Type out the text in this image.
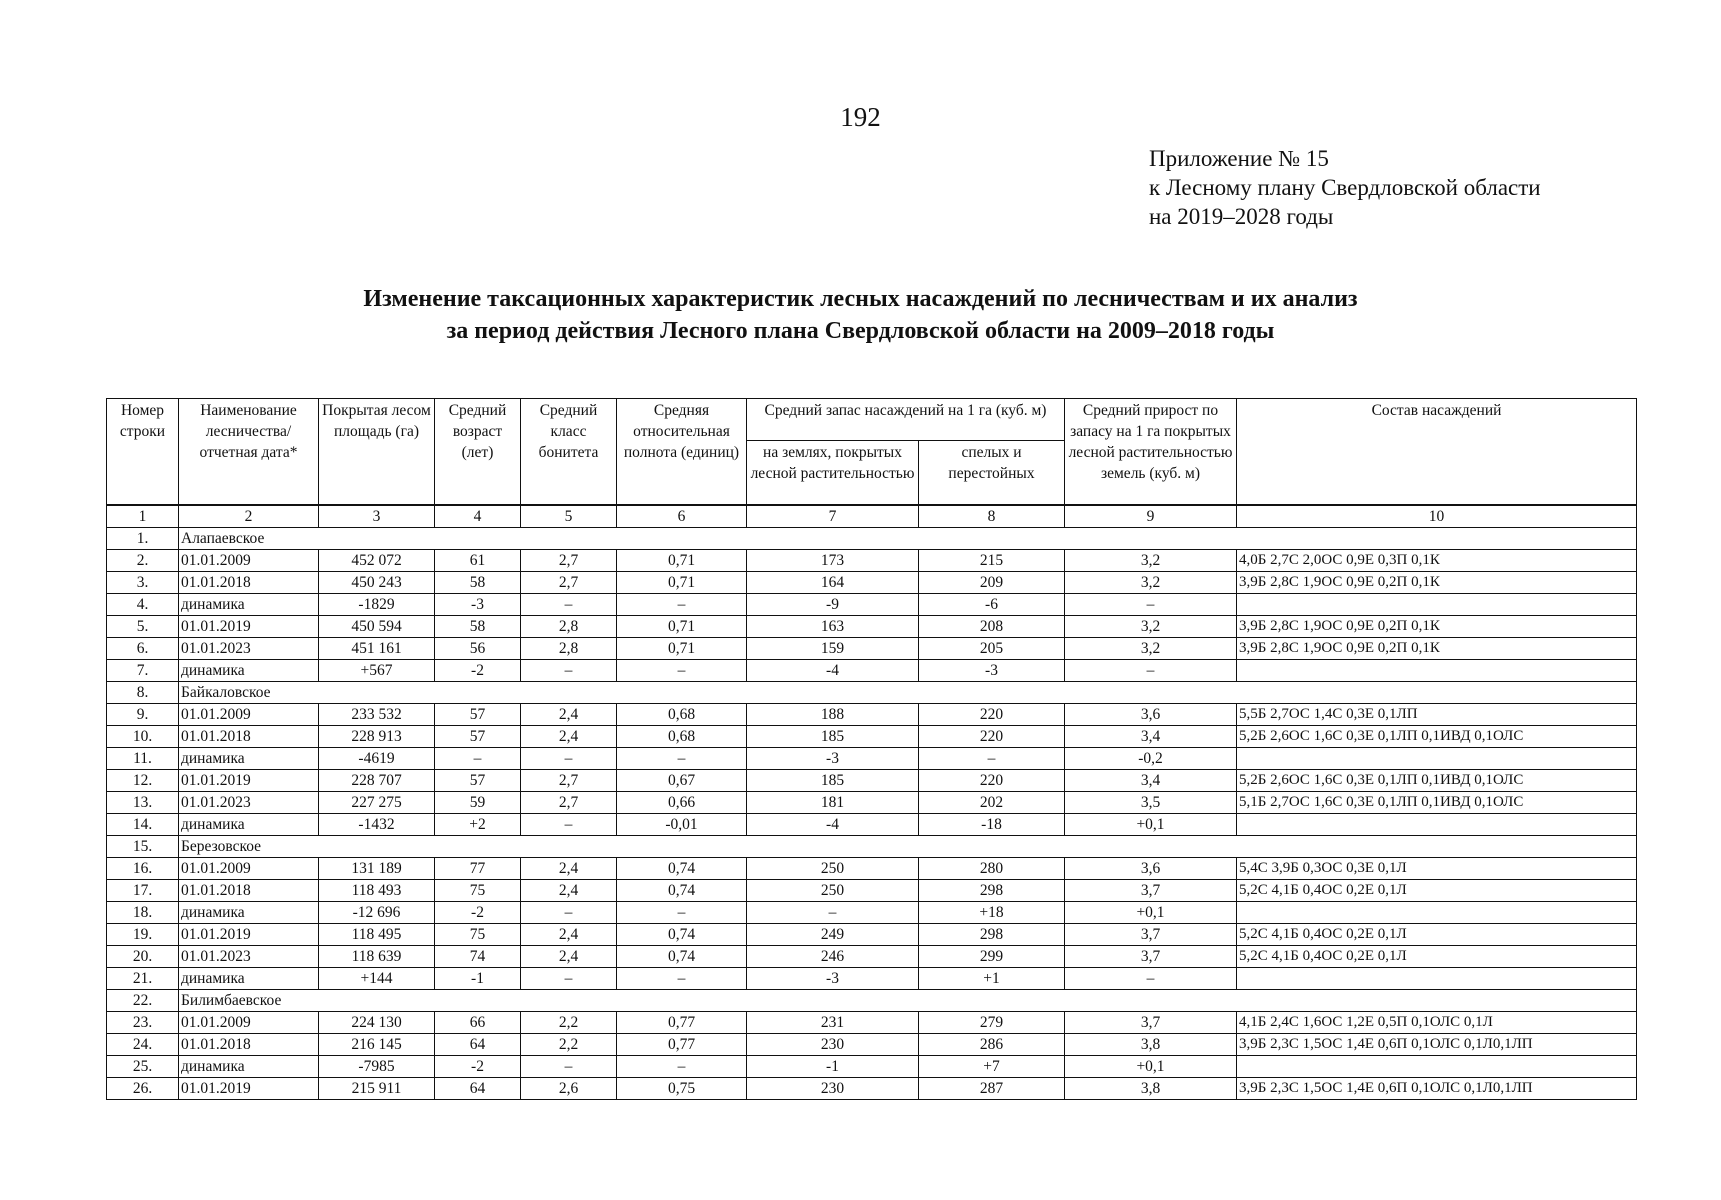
192
Приложение № 15
к Лесному плану Свердловской области
на 2019–2028 годы
Изменение таксационных характеристик лесных насаждений по лесничествам и их анализ
за период действия Лесного плана Свердловской области на 2009–2018 годы
Номер строки	Наименование лесничества/ отчетная дата*	Покрытая лесом площадь (га)	Средний возраст (лет)	Средний класс бонитета	Средняя относительная полнота (единиц)	Средний запас насаждений на 1 га (куб. м)		Средний прирост по запасу на 1 га покрытых лесной растительностью земель (куб. м)	Состав насаждений
						на землях, покрытых лесной растительностью	спелых и перестойных		
1	2	3	4	5	6	7	8	9	10
1.	Алапаевское								
2.	01.01.2009	452 072	61	2,7	0,71	173	215	3,2	4,0Б 2,7С 2,0ОС 0,9Е 0,3П 0,1К
3.	01.01.2018	450 243	58	2,7	0,71	164	209	3,2	3,9Б 2,8С 1,9ОС 0,9Е 0,2П 0,1К
4.	динамика	-1829	-3	–	–	-9	-6	–	
5.	01.01.2019	450 594	58	2,8	0,71	163	208	3,2	3,9Б 2,8С 1,9ОС 0,9Е 0,2П 0,1К
6.	01.01.2023	451 161	56	2,8	0,71	159	205	3,2	3,9Б 2,8С 1,9ОС 0,9Е 0,2П 0,1К
7.	динамика	+567	-2	–	–	-4	-3	–	
8.	Байкаловское								
9.	01.01.2009	233 532	57	2,4	0,68	188	220	3,6	5,5Б 2,7ОС 1,4С 0,3Е 0,1ЛП
10.	01.01.2018	228 913	57	2,4	0,68	185	220	3,4	5,2Б 2,6ОС 1,6С 0,3Е 0,1ЛП 0,1ИВД 0,1ОЛС
11.	динамика	-4619	–	–	–	-3	–	-0,2	
12.	01.01.2019	228 707	57	2,7	0,67	185	220	3,4	5,2Б 2,6ОС 1,6С 0,3Е 0,1ЛП 0,1ИВД 0,1ОЛС
13.	01.01.2023	227 275	59	2,7	0,66	181	202	3,5	5,1Б 2,7ОС 1,6С 0,3Е 0,1ЛП 0,1ИВД 0,1ОЛС
14.	динамика	-1432	+2	–	-0,01	-4	-18	+0,1	
15.	Березовское								
16.	01.01.2009	131 189	77	2,4	0,74	250	280	3,6	5,4С 3,9Б 0,3ОС 0,3Е 0,1Л
17.	01.01.2018	118 493	75	2,4	0,74	250	298	3,7	5,2С 4,1Б 0,4ОС 0,2Е 0,1Л
18.	динамика	-12 696	-2	–	–	–	+18	+0,1	
19.	01.01.2019	118 495	75	2,4	0,74	249	298	3,7	5,2С 4,1Б 0,4ОС 0,2Е 0,1Л
20.	01.01.2023	118 639	74	2,4	0,74	246	299	3,7	5,2С 4,1Б 0,4ОС 0,2Е 0,1Л
21.	динамика	+144	-1	–	–	-3	+1	–	
22.	Билимбаевское								
23.	01.01.2009	224 130	66	2,2	0,77	231	279	3,7	4,1Б 2,4С 1,6ОС 1,2Е 0,5П 0,1ОЛС 0,1Л
24.	01.01.2018	216 145	64	2,2	0,77	230	286	3,8	3,9Б 2,3С 1,5ОС 1,4Е 0,6П 0,1ОЛС 0,1Л0,1ЛП
25.	динамика	-7985	-2	–	–	-1	+7	+0,1	
26.	01.01.2019	215 911	64	2,6	0,75	230	287	3,8	3,9Б 2,3С 1,5ОС 1,4Е 0,6П 0,1ОЛС 0,1Л0,1ЛП
